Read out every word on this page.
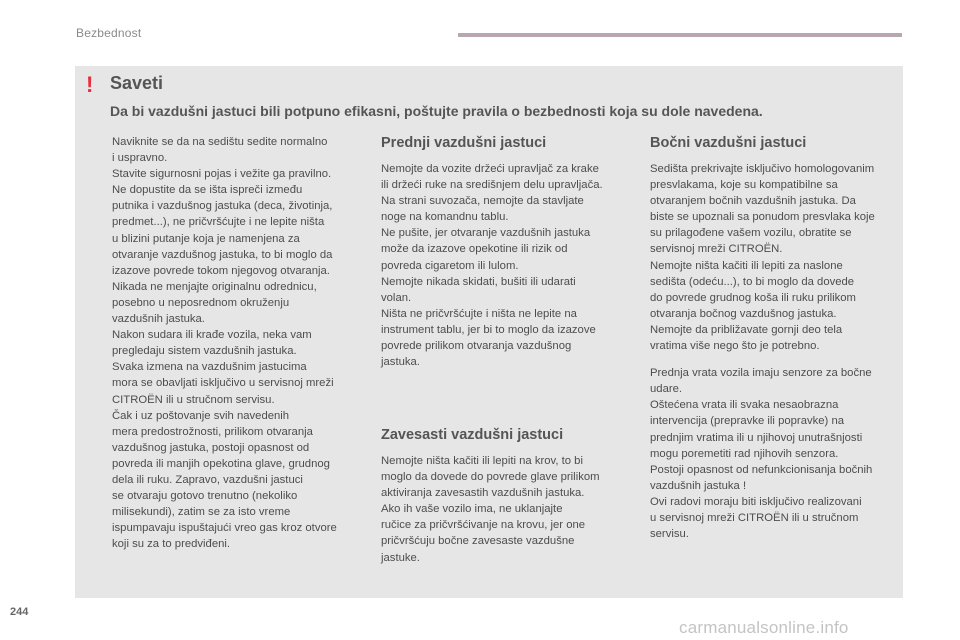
Bezbednost
! Saveti
Da bi vazdušni jastuci bili potpuno efikasni, poštujte pravila o bezbednosti koja su dole navedena.

Naviknite se da na sedištu sedite normalno
i uspravno.
Stavite sigurnosni pojas i vežite ga pravilno.
Ne dopustite da se išta ispreči između
putnika i vazdušnog jastuka (deca, životinja,
predmet...), ne pričvršćujte i ne lepite ništa
u blizini putanje koja je namenjena za
otvaranje vazdušnog jastuka, to bi moglo da
izazove povrede tokom njegovog otvaranja.
Nikada ne menjajte originalnu odrednicu,
posebno u neposrednom okruženju
vazdušnih jastuka.
Nakon sudara ili krađe vozila, neka vam
pregledaju sistem vazdušnih jastuka.
Svaka izmena na vazdušnim jastucima
mora se obavljati isključivo u servisnoj mreži
CITROËN ili u stručnom servisu.
Čak i uz poštovanje svih navedenih
mera predostrožnosti, prilikom otvaranja
vazdušnog jastuka, postoji opasnost od
povreda ili manjih opekotina glave, grudnog
dela ili ruku. Zapravo, vazdušni jastuci
se otvaraju gotovo trenutno (nekoliko
milisekundi), zatim se za isto vreme
ispumpavaju ispuštajući vreo gas kroz otvore
koji su za to predviđeni.

Prednji vazdušni jastuci

Nemojte da vozite držeći upravljač za krake
ili držeći ruke na središnjem delu upravljača.
Na strani suvozača, nemojte da stavljate
noge na komandnu tablu.
Ne pušite, jer otvaranje vazdušnih jastuka
može da izazove opekotine ili rizik od
povreda cigaretom ili lulom.
Nemojte nikada skidati, bušiti ili udarati
volan.
Ništa ne pričvršćujte i ništa ne lepite na
instrument tablu, jer bi to moglo da izazove
povrede prilikom otvaranja vazdušnog
jastuka.

Zavesasti vazdušni jastuci

Nemojte ništa kačiti ili lepiti na krov, to bi
moglo da dovede do povrede glave prilikom
aktiviranja zavesastih vazdušnih jastuka.
Ako ih vaše vozilo ima, ne uklanjajte
ručice za pričvršćivanje na krovu, jer one
pričvršćuju bočne zavesaste vazdušne
jastuke.

Bočni vazdušni jastuci

Sedišta prekrivajte isključivo homologovanim
presvlakama, koje su kompatibilne sa
otvaranjem bočnih vazdušnih jastuka. Da
biste se upoznali sa ponudom presvlaka koje
su prilagođene vašem vozilu, obratite se
servisnoj mreži CITROËN.
Nemojte ništa kačiti ili lepiti za naslone
sedišta (odeću...), to bi moglo da dovede
do povrede grudnog koša ili ruku prilikom
otvaranja bočnog vazdušnog jastuka.
Nemojte da približavate gornji deo tela
vratima više nego što je potrebno.

Prednja vrata vozila imaju senzore za bočne
udare.
Oštećena vrata ili svaka nesaobrazna
intervencija (prepravke ili popravke) na
prednjim vratima ili u njihovoj unutrašnjosti
mogu poremetiti rad njihovih senzora.
Postoji opasnost od nefunkcionisanja bočnih
vazdušnih jastuka !
Ovi radovi moraju biti isključivo realizovani
u servisnoj mreži CITROËN ili u stručnom
servisu.

244
carmanualsonline.info
